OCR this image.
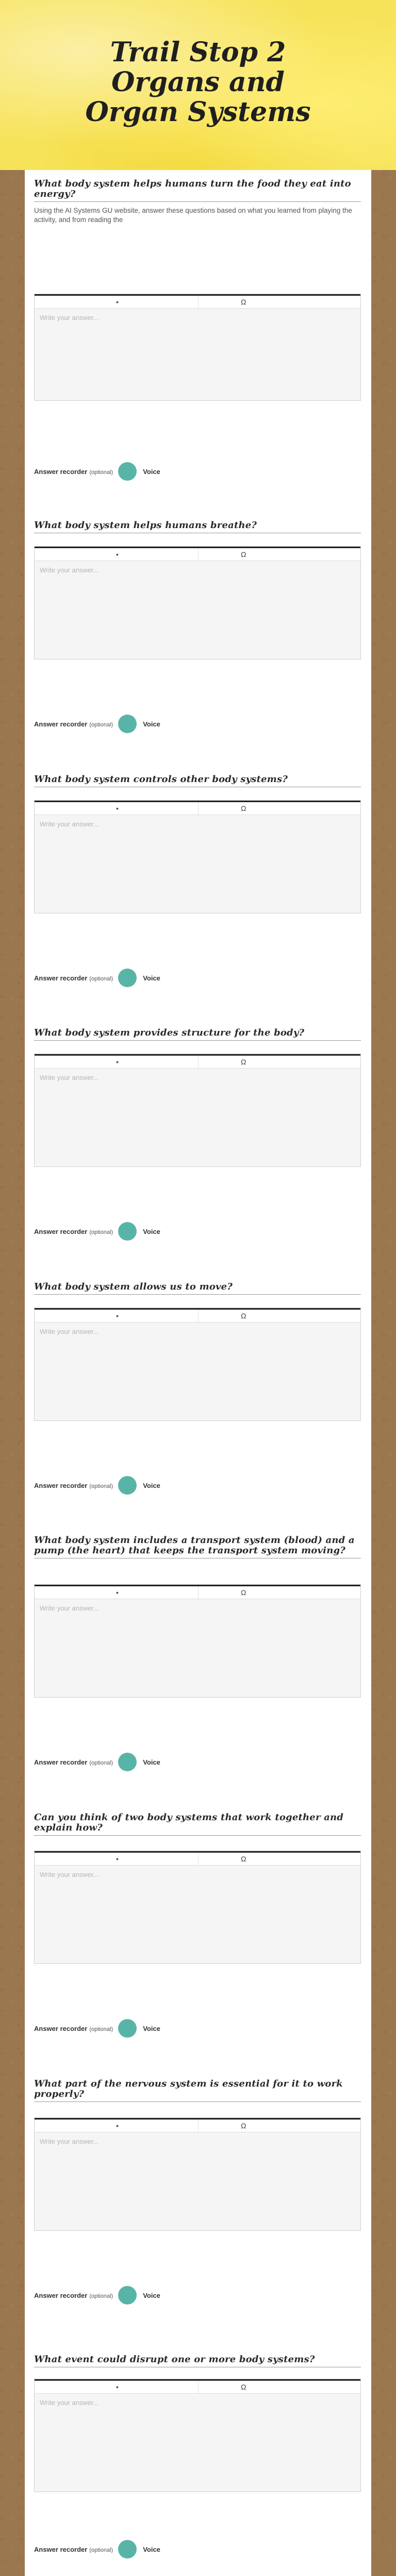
Trail Stop 2 Organs and Organ Systems
What body system helps humans turn the food they eat into energy?
Using the AI Systems GU website, answer these questions based on what you learned from playing the activity, and from reading the
•	Ω
Write your answer...
Answer recorder (optional)	Voice
What body system helps humans breathe?
•	Ω
Write your answer...
Answer recorder (optional)	Voice
What body system controls other body systems?
•	Ω
Write your answer...
Answer recorder (optional)	Voice
What body system provides structure for the body?
•	Ω
Write your answer...
Answer recorder (optional)	Voice
What body system allows us to move?
•	Ω
Write your answer...
Answer recorder (optional)	Voice
What body system includes a transport system (blood) and a pump (the heart) that keeps the transport system moving?
•	Ω
Write your answer...
Answer recorder (optional)	Voice
Can you think of two body systems that work together and explain how?
•	Ω
Write your answer...
Answer recorder (optional)	Voice
What part of the nervous system is essential for it to work properly?
•	Ω
Write your answer...
Answer recorder (optional)	Voice
What event could disrupt one or more body systems?
•	Ω
Write your answer...
Answer recorder (optional)	Voice
